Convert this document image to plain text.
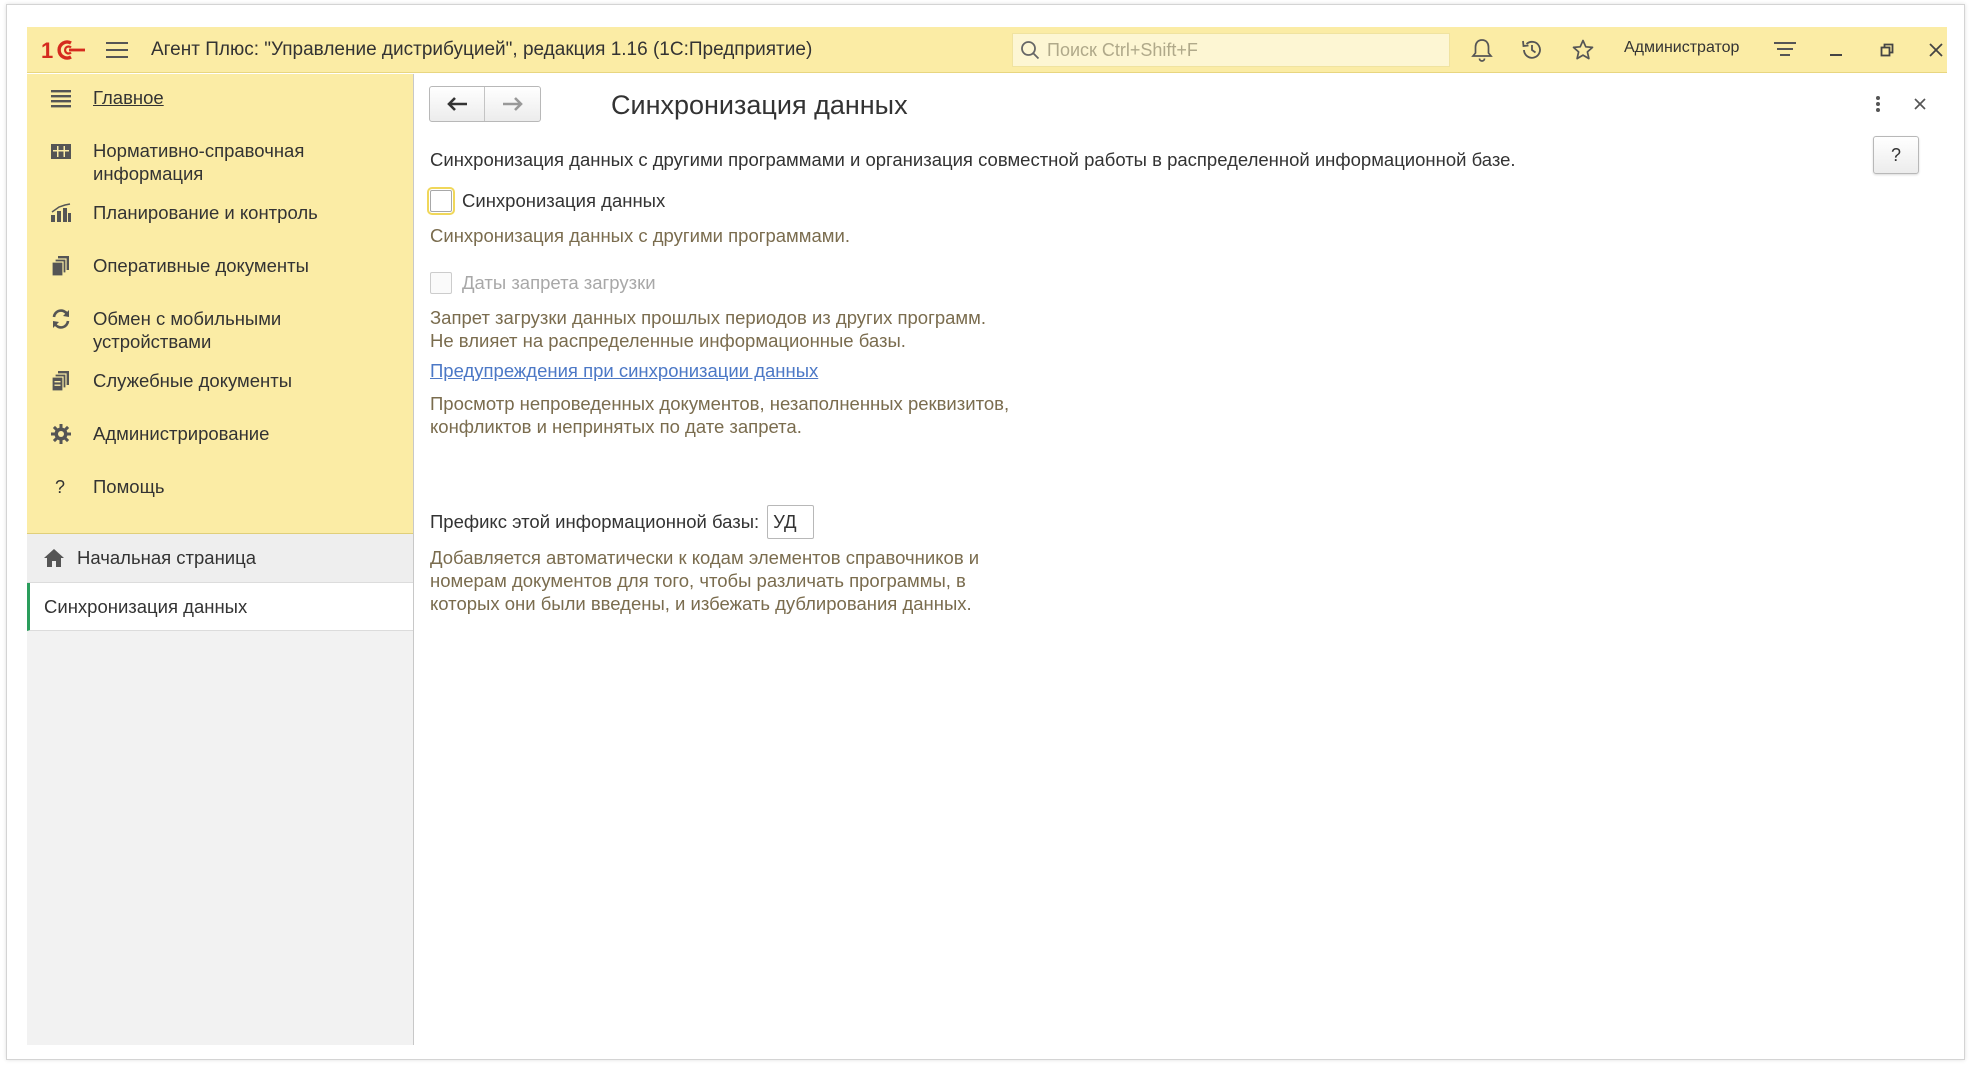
1	Агент Плюс: "Управление дистрибуцией", редакция 1.16 (1С:Предприятие)
Поиск Ctrl+Shift+F	Администратор
Главное
Нормативно-справочная информация
Планирование и контроль
Оперативные документы
Обмен с мобильными устройствами
Служебные документы
Администрирование
? Помощь
Начальная страница
Синхронизация данных
Синхронизация данных
?
Синхронизация данных с другими программами и организация совместной работы в распределенной информационной базе.
Синхронизация данных
Синхронизация данных с другими программами.
Даты запрета загрузки
Запрет загрузки данных прошлых периодов из других программ.
Не влияет на распределенные информационные базы.
Предупреждения при синхронизации данных
Просмотр непроведенных документов, незаполненных реквизитов,
конфликтов и непринятых по дате запрета.
Префикс этой информационной базы:
УД
Добавляется автоматически к кодам элементов справочников и
номерам документов для того, чтобы различать программы, в
которых они были введены, и избежать дублирования данных.
